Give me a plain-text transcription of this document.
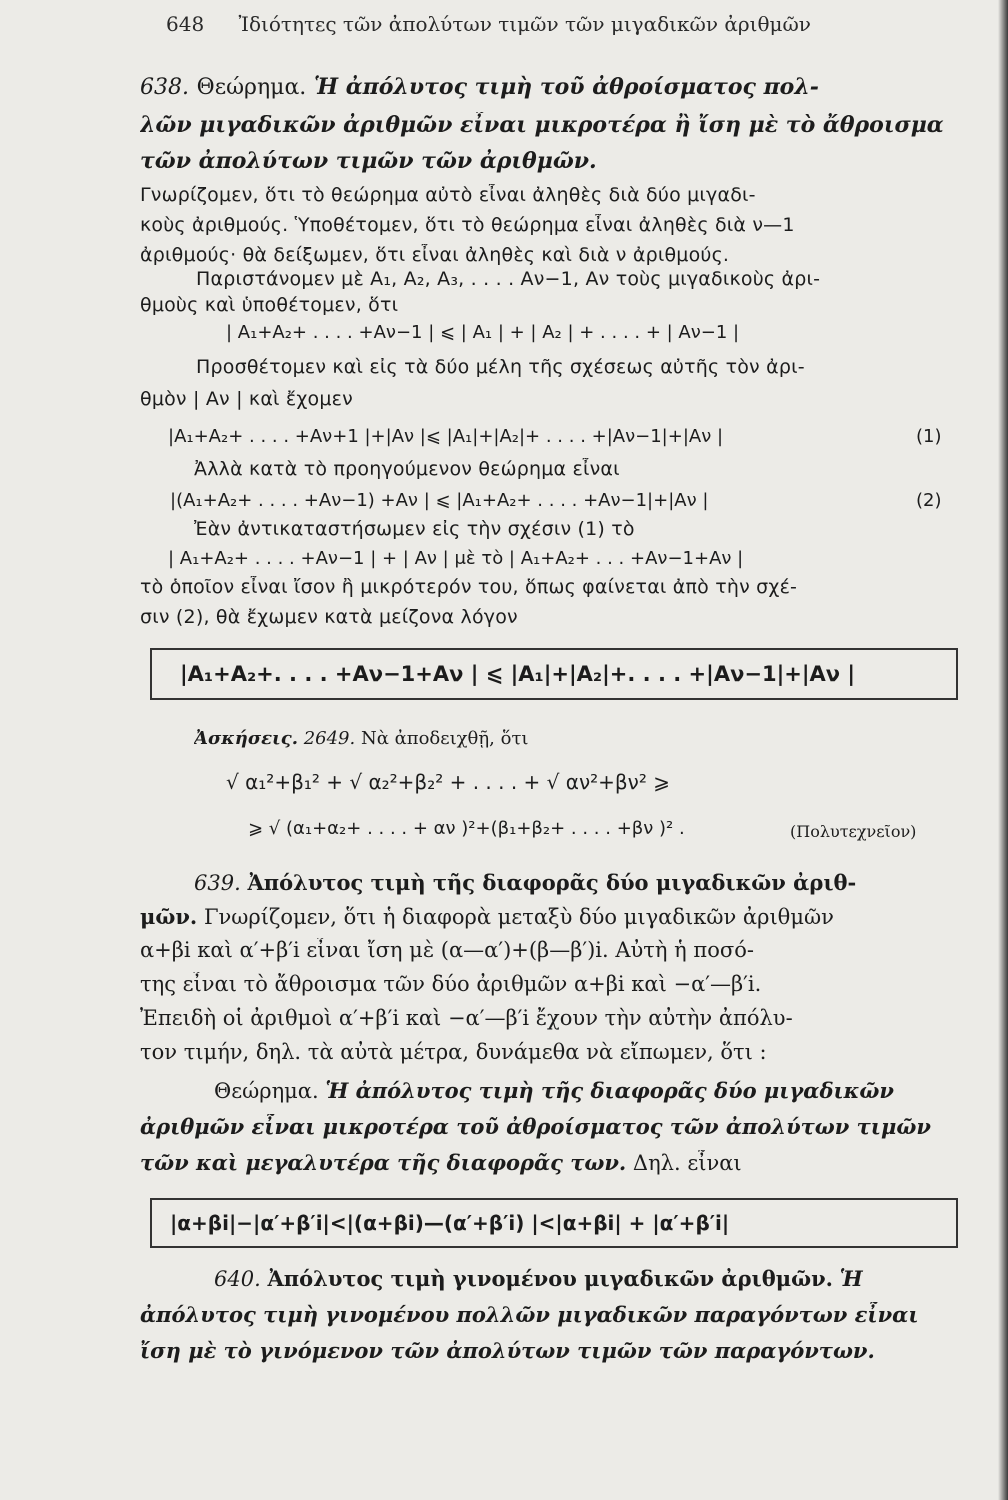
648 Ἰδιότητες τῶν ἀπολύτων τιμῶν τῶν μιγαδικῶν ἀριθμῶν
638. Θεώρημα. Ἡ ἀπόλυτος τιμὴ τοῦ ἀθροίσματος πολ-
λῶν μιγαδικῶν ἀριθμῶν εἶναι μικροτέρα ἢ ἴση μὲ τὸ ἄθροισμα
τῶν ἀπολύτων τιμῶν τῶν ἀριθμῶν.
Γνωρίζομεν, ὅτι τὸ θεώρημα αὐτὸ εἶναι ἀληθὲς διὰ δύο μιγαδι-
κοὺς ἀριθμούς. Ὑποθέτομεν, ὅτι τὸ θεώρημα εἶναι ἀληθὲς διὰ ν—1
ἀριθμούς· θὰ δείξωμεν, ὅτι εἶναι ἀληθὲς καὶ διὰ ν ἀριθμούς.
Παριστάνομεν μὲ A₁, A₂, A₃, . . . . Aν−1, Aν τοὺς μιγαδικοὺς ἀρι-
θμοὺς καὶ ὑποθέτομεν, ὅτι
| A₁+A₂+ . . . . +Aν−1 | ⩽ | A₁ | + | A₂ | + . . . . + | Aν−1 |
Προσθέτομεν καὶ εἰς τὰ δύο μέλη τῆς σχέσεως αὐτῆς τὸν ἀρι-
θμὸν | Aν | καὶ ἔχομεν
|A₁+A₂+ . . . . +Aν+1 |+|Aν |⩽ |A₁|+|A₂|+ . . . . +|Aν−1|+|Aν |	(1)
Ἀλλὰ κατὰ τὸ προηγούμενον θεώρημα εἶναι
|(A₁+A₂+ . . . . +Aν−1) +Aν | ⩽ |A₁+A₂+ . . . . +Aν−1|+|Aν |	(2)
Ἐὰν ἀντικαταστήσωμεν εἰς τὴν σχέσιν (1) τὸ
| A₁+A₂+ . . . . +Aν−1 | + | Aν | μὲ τὸ | A₁+A₂+ . . . +Aν−1+Aν |
τὸ ὁποῖον εἶναι ἴσον ἢ μικρότερόν του, ὅπως φαίνεται ἀπὸ τὴν σχέ-
σιν (2), θὰ ἔχωμεν κατὰ μείζονα λόγον
|A₁+A₂+. . . . +Aν−1+Aν | ⩽ |A₁|+|A₂|+. . . . +|Aν−1|+|Aν |
Ἀσκήσεις. 2649. Νὰ ἀποδειχθῇ, ὅτι
√ α₁²+β₁² + √ α₂²+β₂² + . . . . + √ αν²+βν² ⩾
⩾ √ (α₁+α₂+ . . . . + αν )²+(β₁+β₂+ . . . . +βν )² .	(Πολυτεχνεῖον)
639. Ἀπόλυτος τιμὴ τῆς διαφορᾶς δύο μιγαδικῶν ἀριθ-
μῶν. Γνωρίζομεν, ὅτι ἡ διαφορὰ μεταξὺ δύο μιγαδικῶν ἀριθμῶν
α+βi καὶ α′+β′i εἶναι ἴση μὲ (α—α′)+(β—β′)i. Αὐτὴ ἡ ποσό-
της εἶναι τὸ ἄθροισμα τῶν δύο ἀριθμῶν α+βi καὶ −α′—β′i.
Ἐπειδὴ οἱ ἀριθμοὶ α′+β′i καὶ −α′—β′i ἔχουν τὴν αὐτὴν ἀπόλυ-
τον τιμήν, δηλ. τὰ αὐτὰ μέτρα, δυνάμεθα νὰ εἴπωμεν, ὅτι :
Θεώρημα. Ἡ ἀπόλυτος τιμὴ τῆς διαφορᾶς δύο μιγαδικῶν
ἀριθμῶν εἶναι μικροτέρα τοῦ ἀθροίσματος τῶν ἀπολύτων τιμῶν
τῶν καὶ μεγαλυτέρα τῆς διαφορᾶς των. Δηλ. εἶναι
|α+βi|−|α′+β′i|<|(α+βi)—(α′+β′i) |<|α+βi| + |α′+β′i|
640. Ἀπόλυτος τιμὴ γινομένου μιγαδικῶν ἀριθμῶν. Ἡ
ἀπόλυτος τιμὴ γινομένου πολλῶν μιγαδικῶν παραγόντων εἶναι
ἴση μὲ τὸ γινόμενον τῶν ἀπολύτων τιμῶν τῶν παραγόντων.
